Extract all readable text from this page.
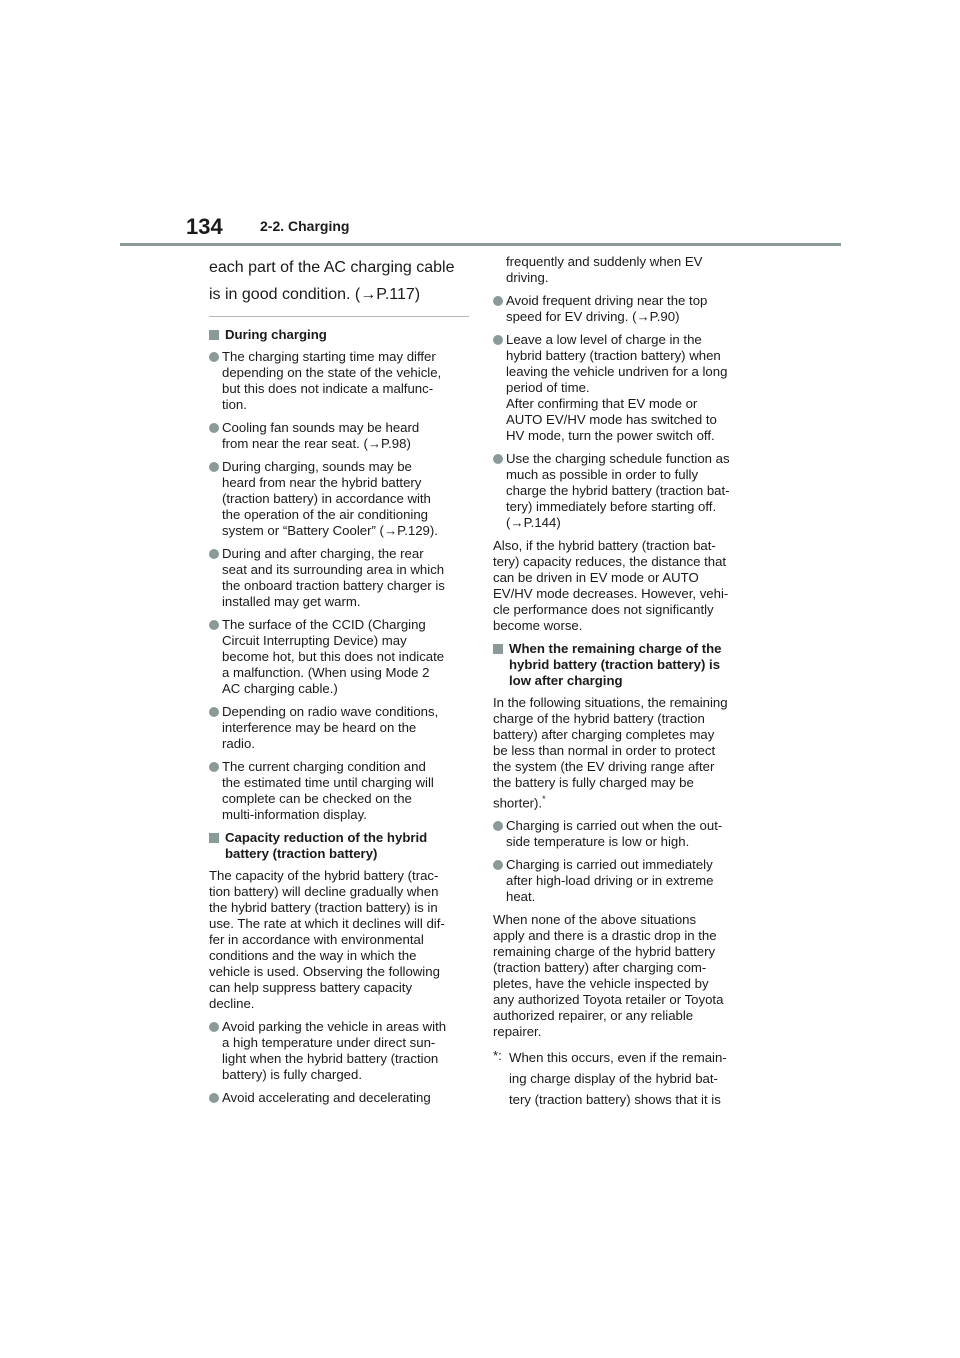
134	2-2. Charging
each part of the AC charging cable
is in good condition. (→P.117)
During charging
The charging starting time may differ
depending on the state of the vehicle,
but this does not indicate a malfunc-
tion.
Cooling fan sounds may be heard
from near the rear seat. (→P.98)
During charging, sounds may be
heard from near the hybrid battery
(traction battery) in accordance with
the operation of the air conditioning
system or “Battery Cooler” (→P.129).
During and after charging, the rear
seat and its surrounding area in which
the onboard traction battery charger is
installed may get warm.
The surface of the CCID (Charging
Circuit Interrupting Device) may
become hot, but this does not indicate
a malfunction. (When using Mode 2
AC charging cable.)
Depending on radio wave conditions,
interference may be heard on the
radio.
The current charging condition and
the estimated time until charging will
complete can be checked on the
multi-information display.
Capacity reduction of the hybrid
battery (traction battery)
The capacity of the hybrid battery (trac-
tion battery) will decline gradually when
the hybrid battery (traction battery) is in
use. The rate at which it declines will dif-
fer in accordance with environmental
conditions and the way in which the
vehicle is used. Observing the following
can help suppress battery capacity
decline.
Avoid parking the vehicle in areas with
a high temperature under direct sun-
light when the hybrid battery (traction
battery) is fully charged.
Avoid accelerating and decelerating
frequently and suddenly when EV
driving.
Avoid frequent driving near the top
speed for EV driving. (→P.90)
Leave a low level of charge in the
hybrid battery (traction battery) when
leaving the vehicle undriven for a long
period of time.
After confirming that EV mode or
AUTO EV/HV mode has switched to
HV mode, turn the power switch off.
Use the charging schedule function as
much as possible in order to fully
charge the hybrid battery (traction bat-
tery) immediately before starting off.
(→P.144)
Also, if the hybrid battery (traction bat-
tery) capacity reduces, the distance that
can be driven in EV mode or AUTO
EV/HV mode decreases. However, vehi-
cle performance does not significantly
become worse.
When the remaining charge of the
hybrid battery (traction battery) is
low after charging
In the following situations, the remaining
charge of the hybrid battery (traction
battery) after charging completes may
be less than normal in order to protect
the system (the EV driving range after
the battery is fully charged may be
shorter).*
Charging is carried out when the out-
side temperature is low or high.
Charging is carried out immediately
after high-load driving or in extreme
heat.
When none of the above situations
apply and there is a drastic drop in the
remaining charge of the hybrid battery
(traction battery) after charging com-
pletes, have the vehicle inspected by
any authorized Toyota retailer or Toyota
authorized repairer, or any reliable
repairer.
*: When this occurs, even if the remain-
ing charge display of the hybrid bat-
tery (traction battery) shows that it is
